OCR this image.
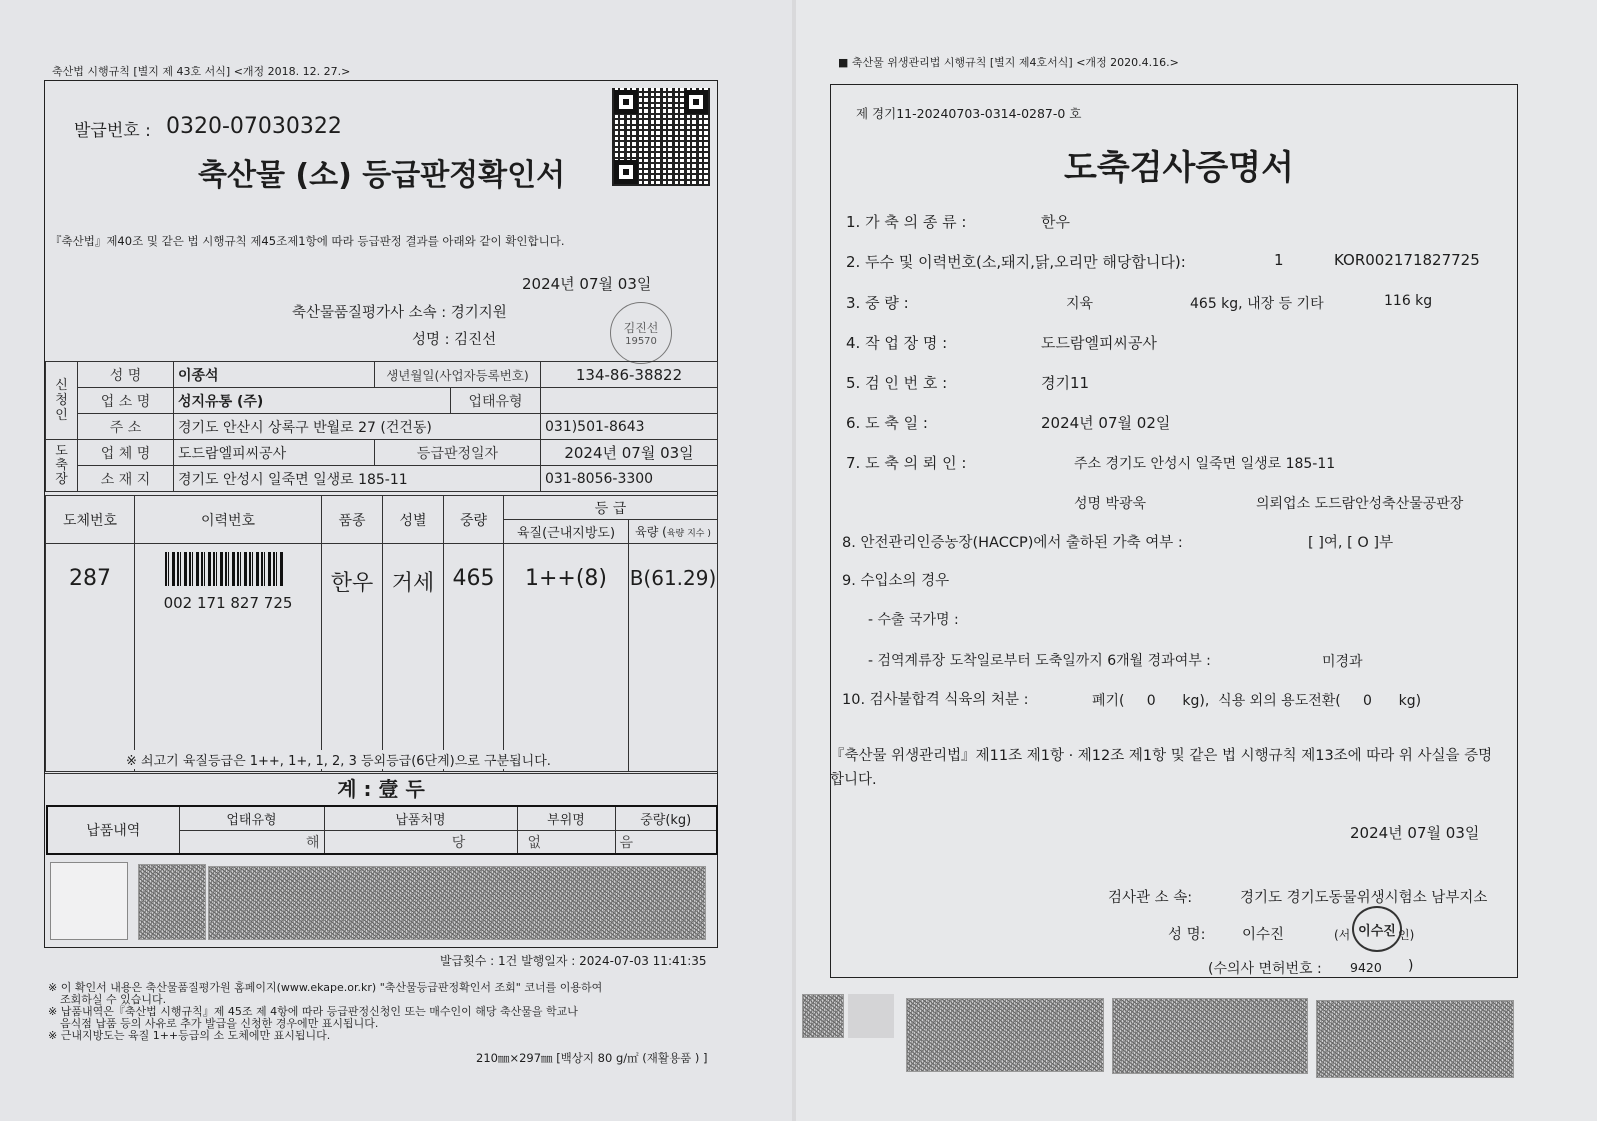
축산법 시행규칙 [별지 제 43호 서식] <개정 2018. 12. 27.>
발급번호 : 0320-07030322
축산물 (소) 등급판정확인서
『축산법』제40조 및 같은 법 시행규칙 제45조제1항에 따라 등급판정 결과를 아래와 같이 확인합니다.
2024년 07월 03일
축산물품질평가사 소속 : 경기지원
성명 : 김진선
김진선
19570
신청인	성 명	이종석	생년월일(사업자등록번호)		134-86-38822
	업 소 명	성지유통 (주)		업태유형	
	주 소	경기도 안산시 상록구 반월로 27 (건건동)			031)501-8643
도축장	업 체 명	도드람엘피씨공사	등급판정일자		2024년 07월 03일
	소 재 지	경기도 안성시 일죽면 일생로 185-11			031-8056-3300
도체번호	이력번호	품종	성별	중량	등 급	
					육질(근내지방도)	육량 (육량 지수 )
287	002 171 827 725	한우	거세	465	1++(8)	B(61.29)
※ 쇠고기 육질등급은 1++, 1+, 1, 2, 3 등외등급(6단계)으로 구분됩니다.
계 : 壹 두
납품내역	업태유형	납품처명	부위명	중량(kg)
	해	당	없	음
발급횟수 : 1건 발행일자 : 2024-07-03 11:41:35
※ 이 확인서 내용은 축산물품질평가원 홈페이지(www.ekape.or.kr) "축산물등급판정확인서 조회" 코너를 이용하여
조회하실 수 있습니다.
※ 납품내역은『축산법 시행규칙』제 45조 제 4항에 따라 등급판정신청인 또는 매수인이 해당 축산물을 학교나
음식점 납품 등의 사유로 추가 발급을 신청한 경우에만 표시됩니다.
※ 근내지방도는 육질 1++등급의 소 도체에만 표시됩니다.
210㎜×297㎜ [백상지 80 g/㎡ (재활용품 ) ]
■ 축산물 위생관리법 시행규칙 [별지 제4호서식] <개정 2020.4.16.>
제 경기11-20240703-0314-0287-0 호
도축검사증명서
1. 가 축 의 종 류 :	한우
2. 두수 및 이력번호(소,돼지,닭,오리만 해당합니다):	1	KOR002171827725
3. 중 량 :	지육	465 kg, 내장 등 기타	116 kg
4. 작 업 장 명 :	도드람엘피씨공사
5. 검 인 번 호 :	경기11
6. 도 축 일 :	2024년 07월 02일
7. 도 축 의 뢰 인 :	주소 경기도 안성시 일죽면 일생로 185-11
성명 박광욱	의뢰업소 도드람안성축산물공판장
8. 안전관리인증농장(HACCP)에서 출하된 가축 여부 :	[ ]여, [ O ]부
9. 수입소의 경우
- 수출 국가명 :
- 검역계류장 도착일로부터 도축일까지 6개월 경과여부 :	미경과
10. 검사불합격 식육의 처분 :	폐기(     0      kg),  식용 외의 용도전환(     0      kg)
『축산물 위생관리법』제11조 제1항 · 제12조 제1항 및 같은 법 시행규칙 제13조에 따라 위 사실을 증명
합니다.
2024년 07월 03일
검사관 소 속:	경기도 경기도동물위생시험소 남부지소
성 명:	이수진	(서 이수진 인)
(수의사 면허번호 : 9420 )
